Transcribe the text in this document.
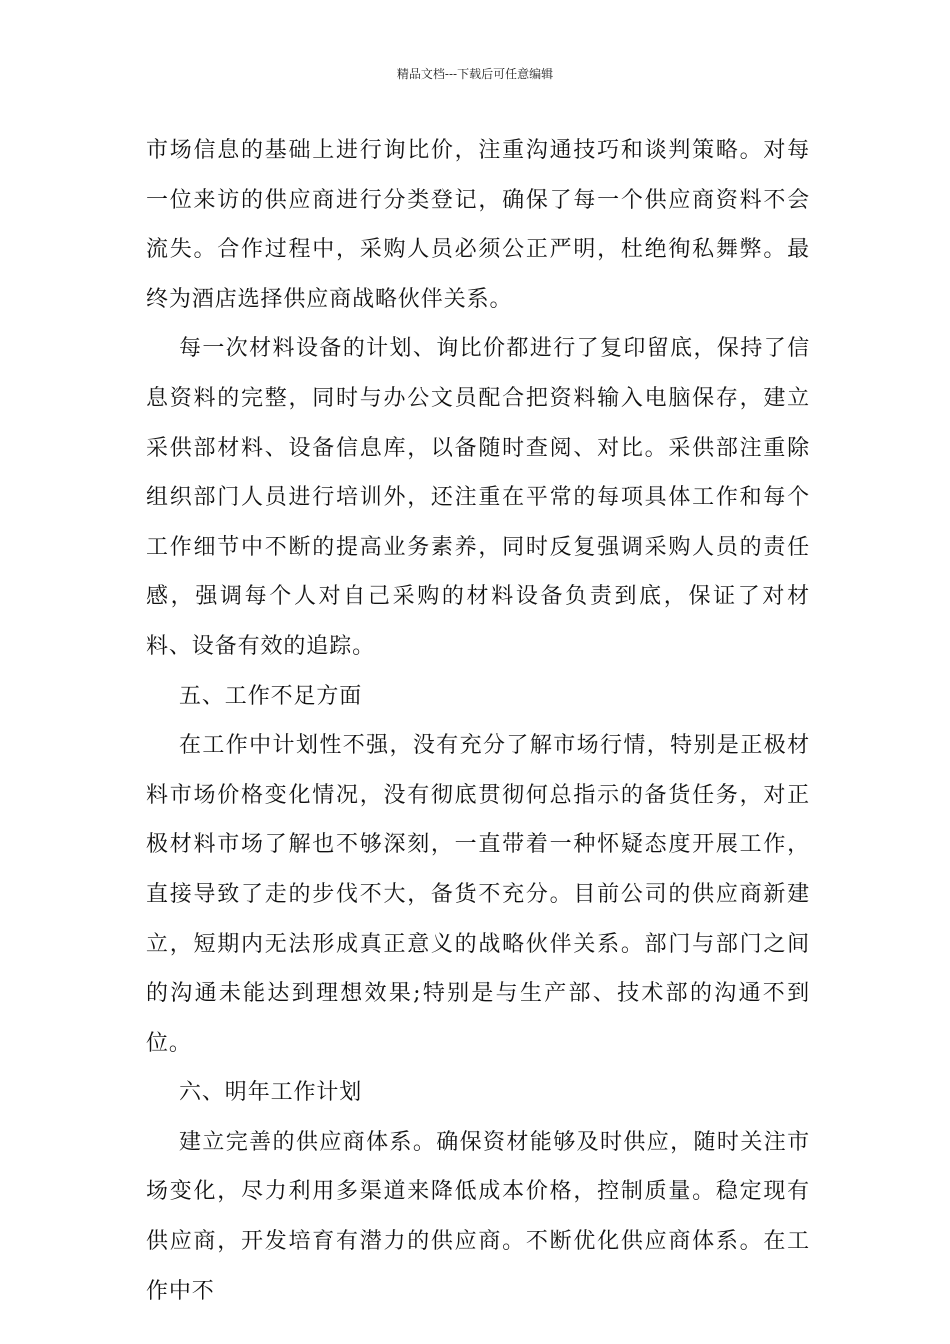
精品文档---下载后可任意编辑

市场信息的基础上进行询比价，注重沟通技巧和谈判策略。对每一位来访的供应商进行分类登记，确保了每一个供应商资料不会流失。合作过程中，采购人员必须公正严明，杜绝徇私舞弊。最终为酒店选择供应商战略伙伴关系。

每一次材料设备的计划、询比价都进行了复印留底，保持了信息资料的完整，同时与办公文员配合把资料输入电脑保存，建立采供部材料、设备信息库，以备随时查阅、对比。采供部注重除组织部门人员进行培训外，还注重在平常的每项具体工作和每个工作细节中不断的提高业务素养，同时反复强调采购人员的责任感，强调每个人对自己采购的材料设备负责到底，保证了对材料、设备有效的追踪。

五、工作不足方面

在工作中计划性不强，没有充分了解市场行情，特别是正极材料市场价格变化情况，没有彻底贯彻何总指示的备货任务，对正极材料市场了解也不够深刻，一直带着一种怀疑态度开展工作，直接导致了走的步伐不大，备货不充分。目前公司的供应商新建立，短期内无法形成真正意义的战略伙伴关系。部门与部门之间的沟通未能达到理想效果;特别是与生产部、技术部的沟通不到位。

六、明年工作计划

建立完善的供应商体系。确保资材能够及时供应，随时关注市场变化，尽力利用多渠道来降低成本价格，控制质量。稳定现有供应商，开发培育有潜力的供应商。不断优化供应商体系。在工作中不
